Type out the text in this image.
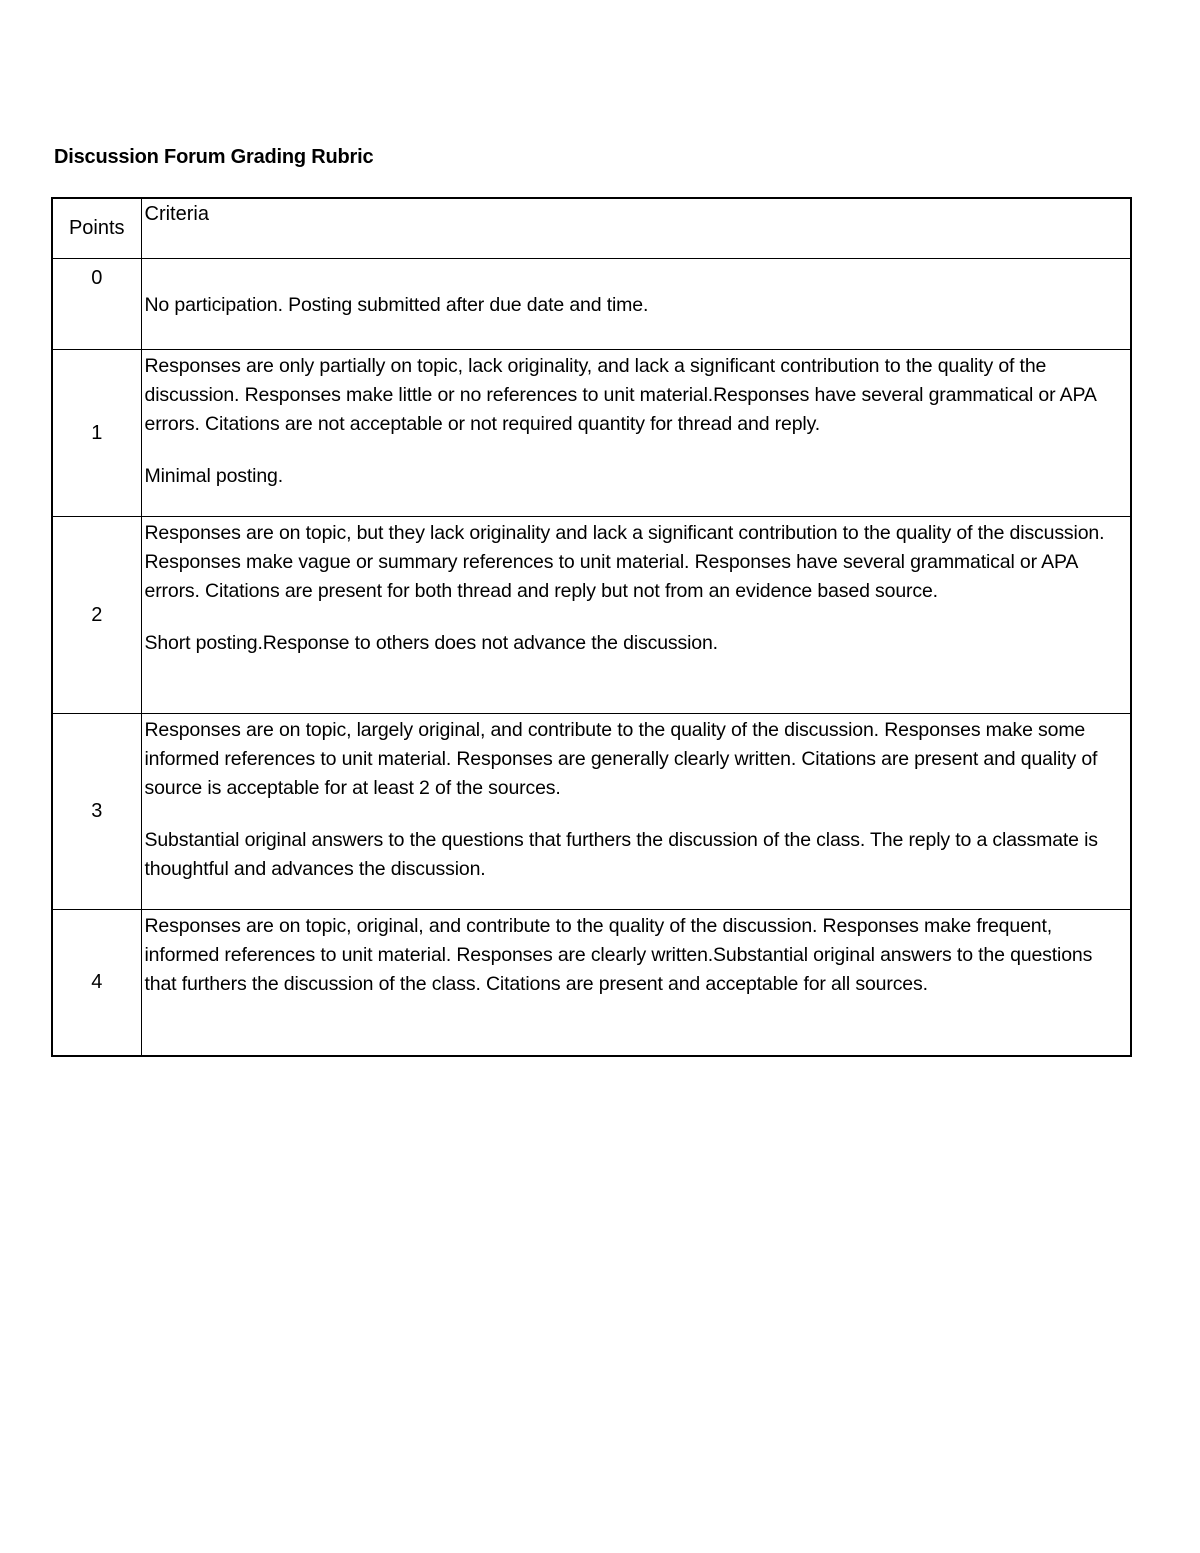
Discussion Forum Grading Rubric
Points	Criteria
0	No participation. Posting submitted after due date and time.

1	Responses are only partially on topic, lack originality, and lack a significant contribution to the quality of the discussion. Responses make little or no references to unit material.Responses have several grammatical or APA errors. Citations are not acceptable or not required quantity for thread and reply.

Minimal posting.

2	Responses are on topic, but they lack originality and lack a significant contribution to the quality of the discussion. Responses make vague or summary references to unit material. Responses have several grammatical or APA errors. Citations are present for both thread and reply but not from an evidence based source.

Short posting.Response to others does not advance the discussion.

3	Responses are on topic, largely original, and contribute to the quality of the discussion. Responses make some informed references to unit material. Responses are generally clearly written. Citations are present and quality of source is acceptable for at least 2 of the sources.

Substantial original answers to the questions that furthers the discussion of the class. The reply to a classmate is thoughtful and advances the discussion.

4	Responses are on topic, original, and contribute to the quality of the discussion. Responses make frequent, informed references to unit material. Responses are clearly written.Substantial original answers to the questions that furthers the discussion of the class. Citations are present and acceptable for all sources.
